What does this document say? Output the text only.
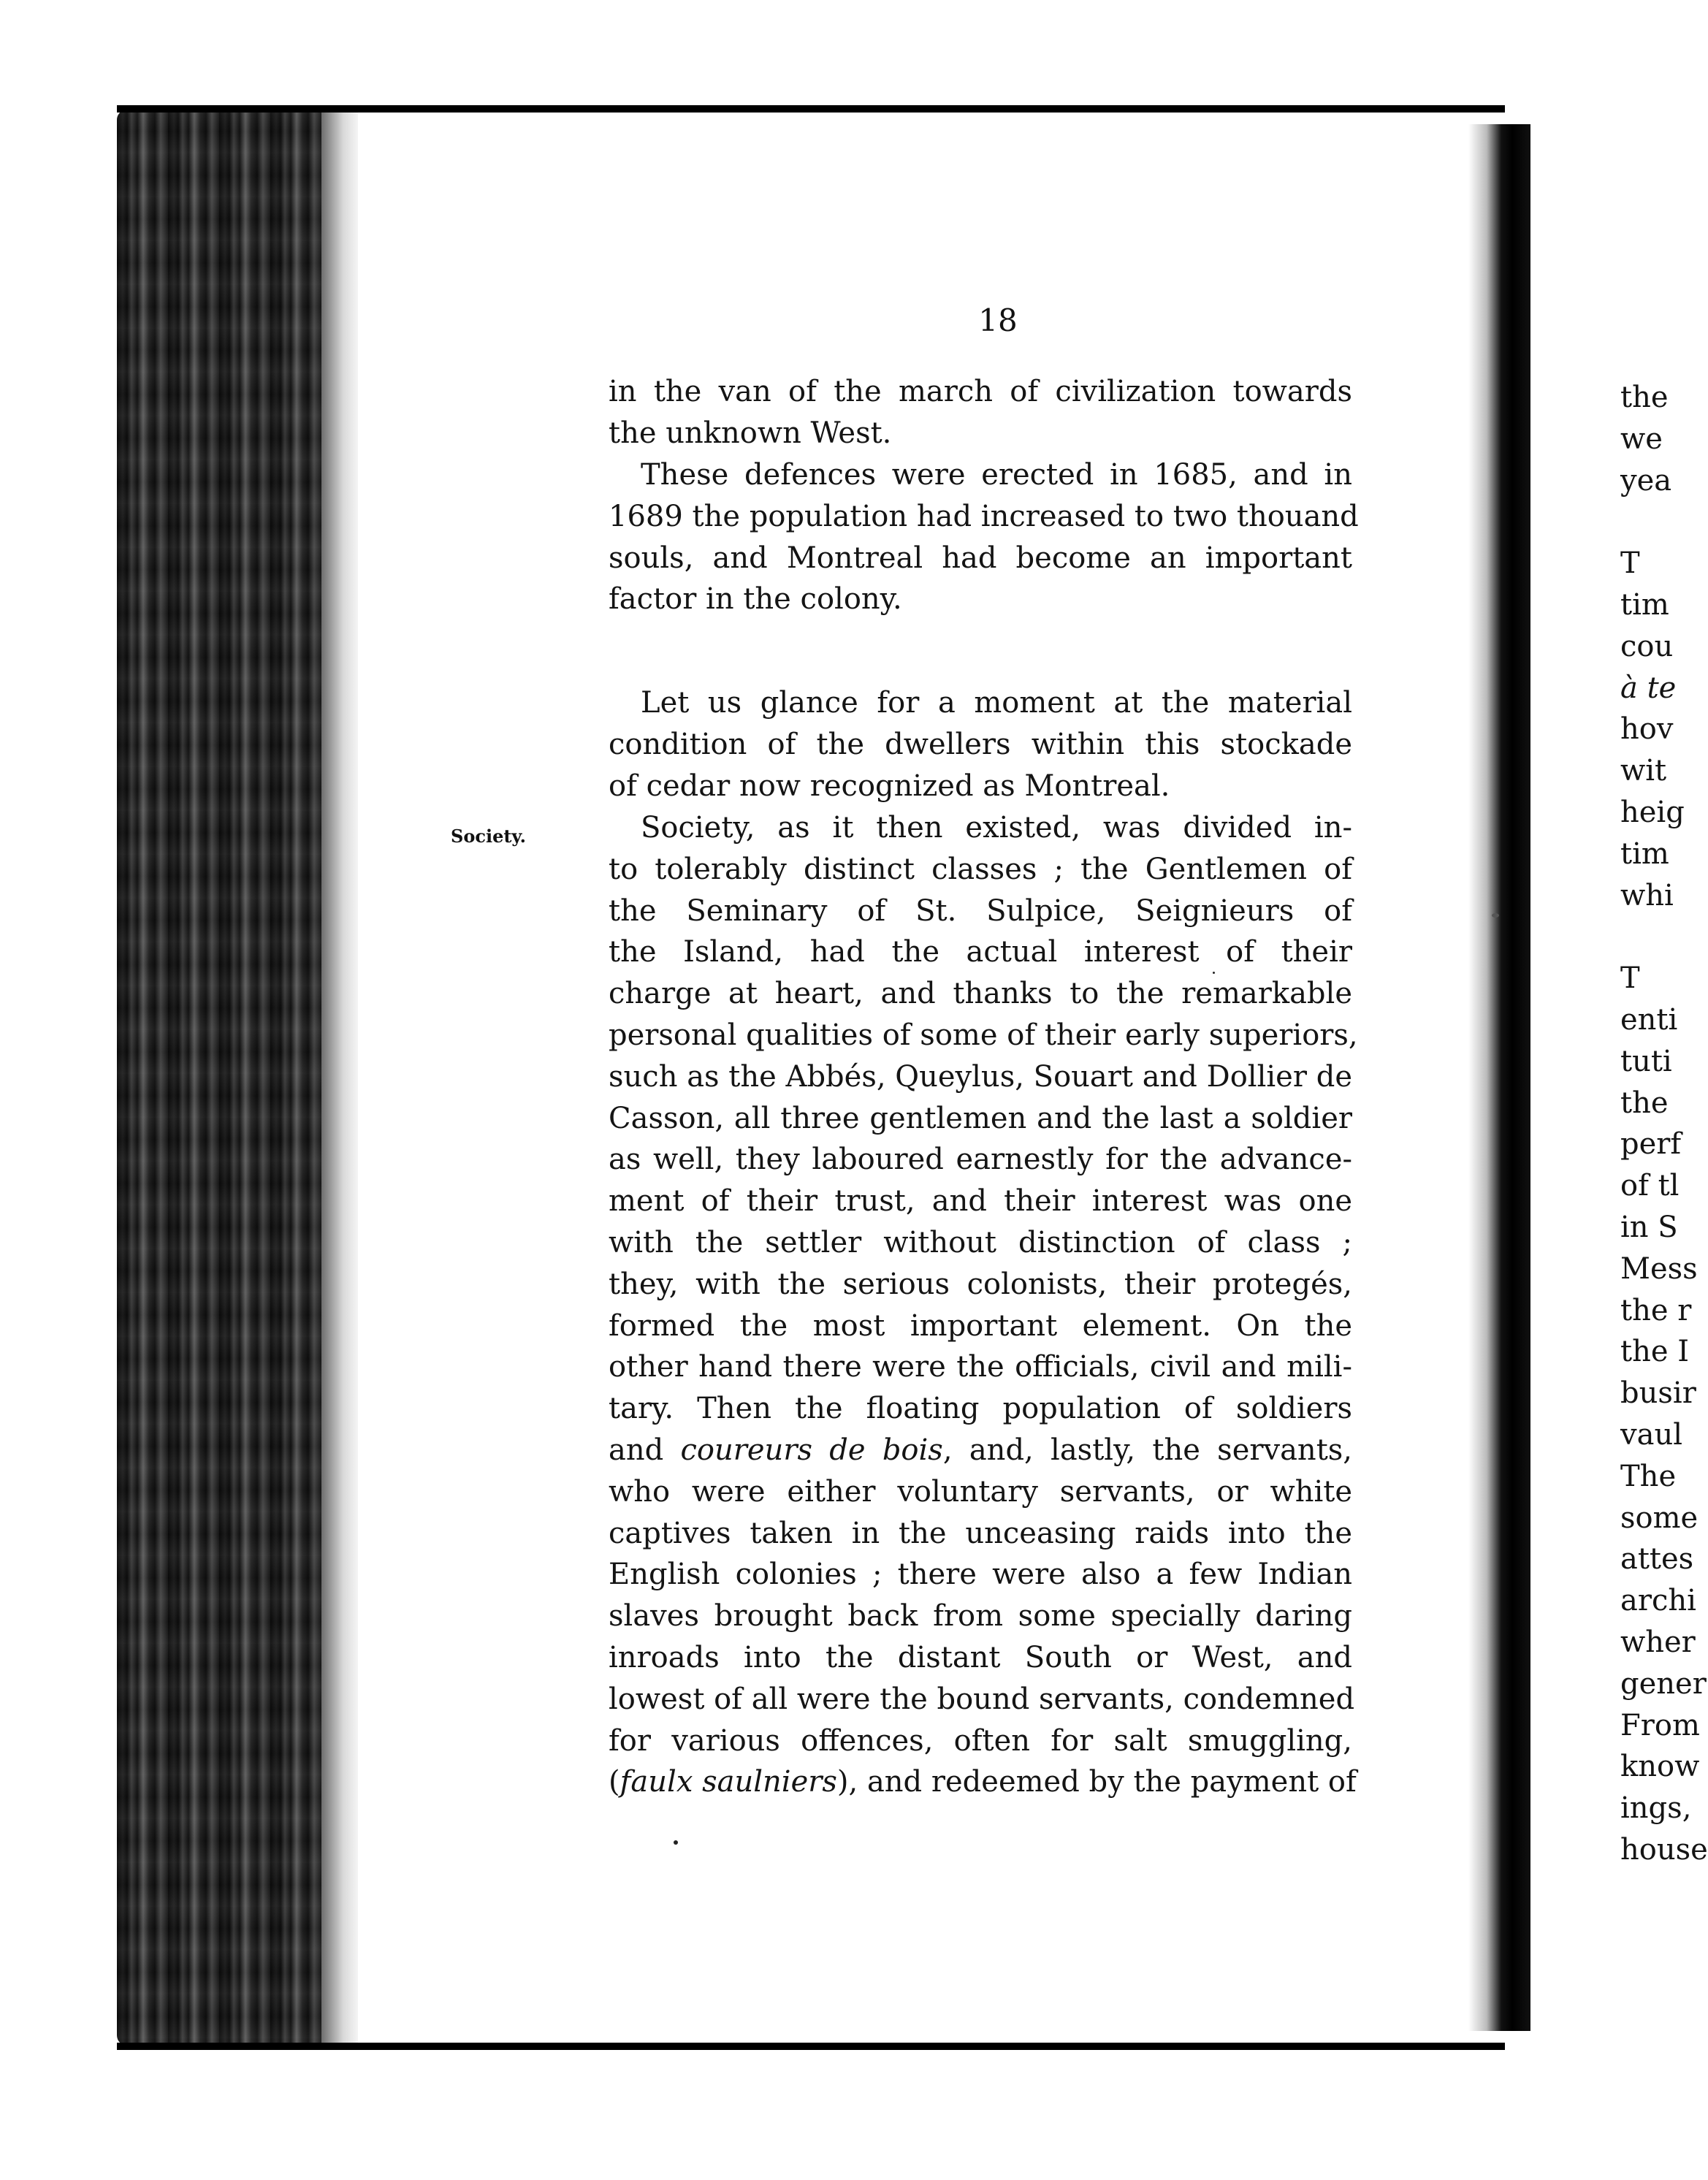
18
Society.

in the van of the march of civilization towards
the unknown West.

These defences were erected in 1685, and in
1689 the population had increased to two thouand
souls, and Montreal had become an important
factor in the colony.

Let us glance for a moment at the material
condition of the dwellers within this stockade
of cedar now recognized as Montreal.

Society, as it then existed, was divided in-
to tolerably distinct classes ; the Gentlemen of
the Seminary of St. Sulpice, Seignieurs of
the Island, had the actual interest of their
charge at heart, and thanks to the remarkable
personal qualities of some of their early superiors,
such as the Abbés, Queylus, Souart and Dollier de
Casson, all three gentlemen and the last a soldier
as well, they laboured earnestly for the advance-
ment of their trust, and their interest was one
with the settler without distinction of class ;
they, with the serious colonists, their protegés,
formed the most important element. On the
other hand there were the officials, civil and mili-
tary. Then the floating population of soldiers
and coureurs de bois, and, lastly, the servants,
who were either voluntary servants, or white
captives taken in the unceasing raids into the
English colonies ; there were also a few Indian
slaves brought back from some specially daring
inroads into the distant South or West, and
lowest of all were the bound servants, condemned
for various offences, often for salt smuggling,
(faulx saulniers), and redeemed by the payment of

the
we
yea

T
tim
cou
à te
hov
wit
heig
tim
whi

T
enti
tuti
the
perf
of tl
in S
Mess
the r
the I
busir
vaul
The
some
attes
archi
wher
gener
From
know
ings,
house
